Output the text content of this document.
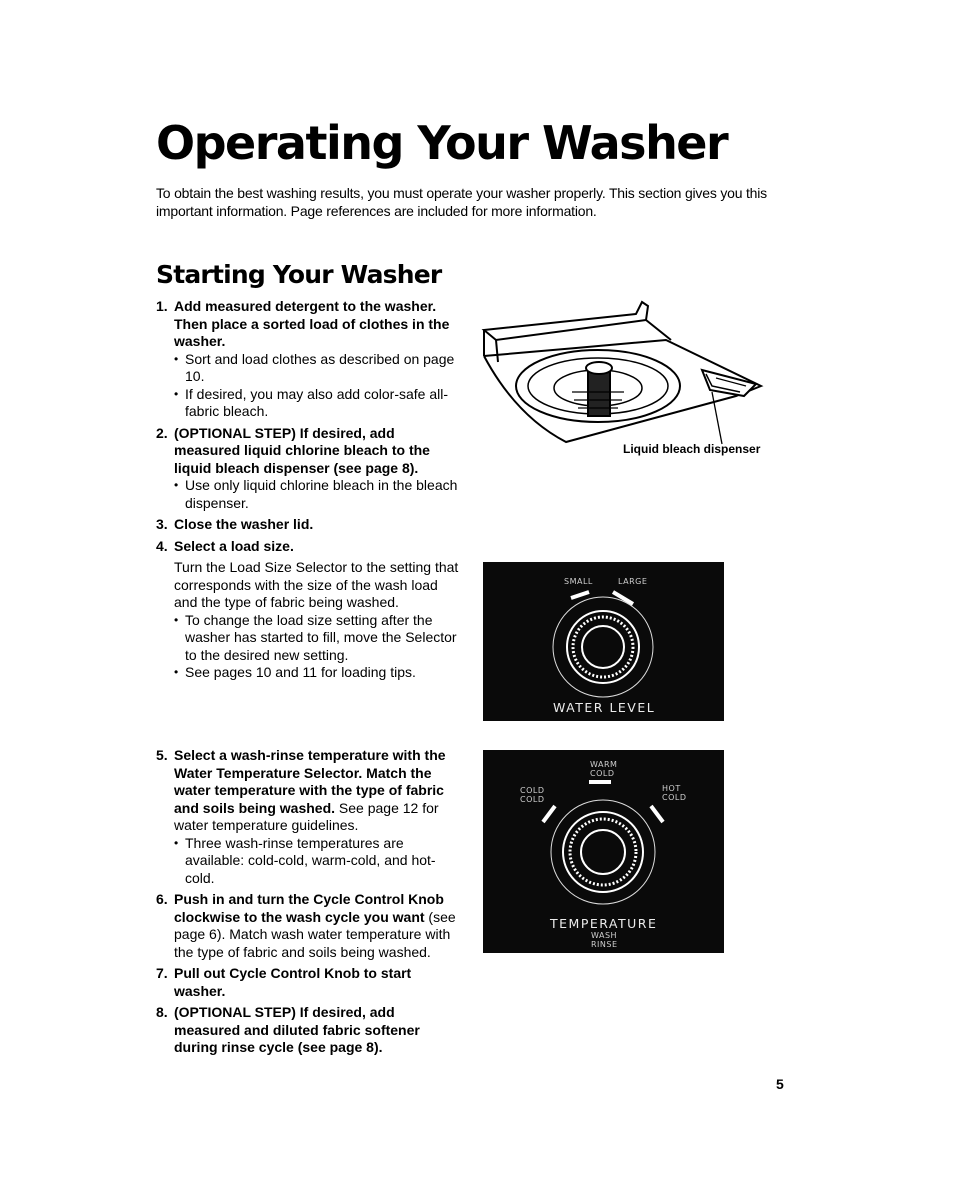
Operating Your Washer

To obtain the best washing results, you must operate your washer properly. This section gives you this important information. Page references are included for more information.

Starting Your Washer
1. Add measured detergent to the washer. Then place a sorted load of clothes in the washer.

• Sort and load clothes as described on page 10.

• If desired, you may also add color-safe all-fabric bleach.

2. (OPTIONAL STEP) If desired, add measured liquid chlorine bleach to the liquid bleach dispenser (see page 8).

• Use only liquid chlorine bleach in the bleach dispenser.

3. Close the washer lid.

4. Select a load size.

Turn the Load Size Selector to the setting that corresponds with the size of the wash load and the type of fabric being washed.

• To change the load size setting after the washer has started to fill, move the Selector to the desired new setting.

• See pages 10 and 11 for loading tips.

5. Select a wash-rinse temperature with the Water Temperature Selector. Match the water temperature with the type of fabric and soils being washed. See page 12 for water temperature guidelines.

• Three wash-rinse temperatures are available: cold-cold, warm-cold, and hot-cold.

6. Push in and turn the Cycle Control Knob clockwise to the wash cycle you want (see page 6). Match wash water temperature with the type of fabric and soils being washed.

7. Pull out Cycle Control Knob to start washer.

8. (OPTIONAL STEP) If desired, add measured and diluted fabric softener during rinse cycle (see page 8).

Liquid bleach dispenser
SMALL	LARGE
WATER LEVEL
WARM
COLD
COLD
COLD
HOT
COLD
TEMPERATURE
WASH
RINSE
5
